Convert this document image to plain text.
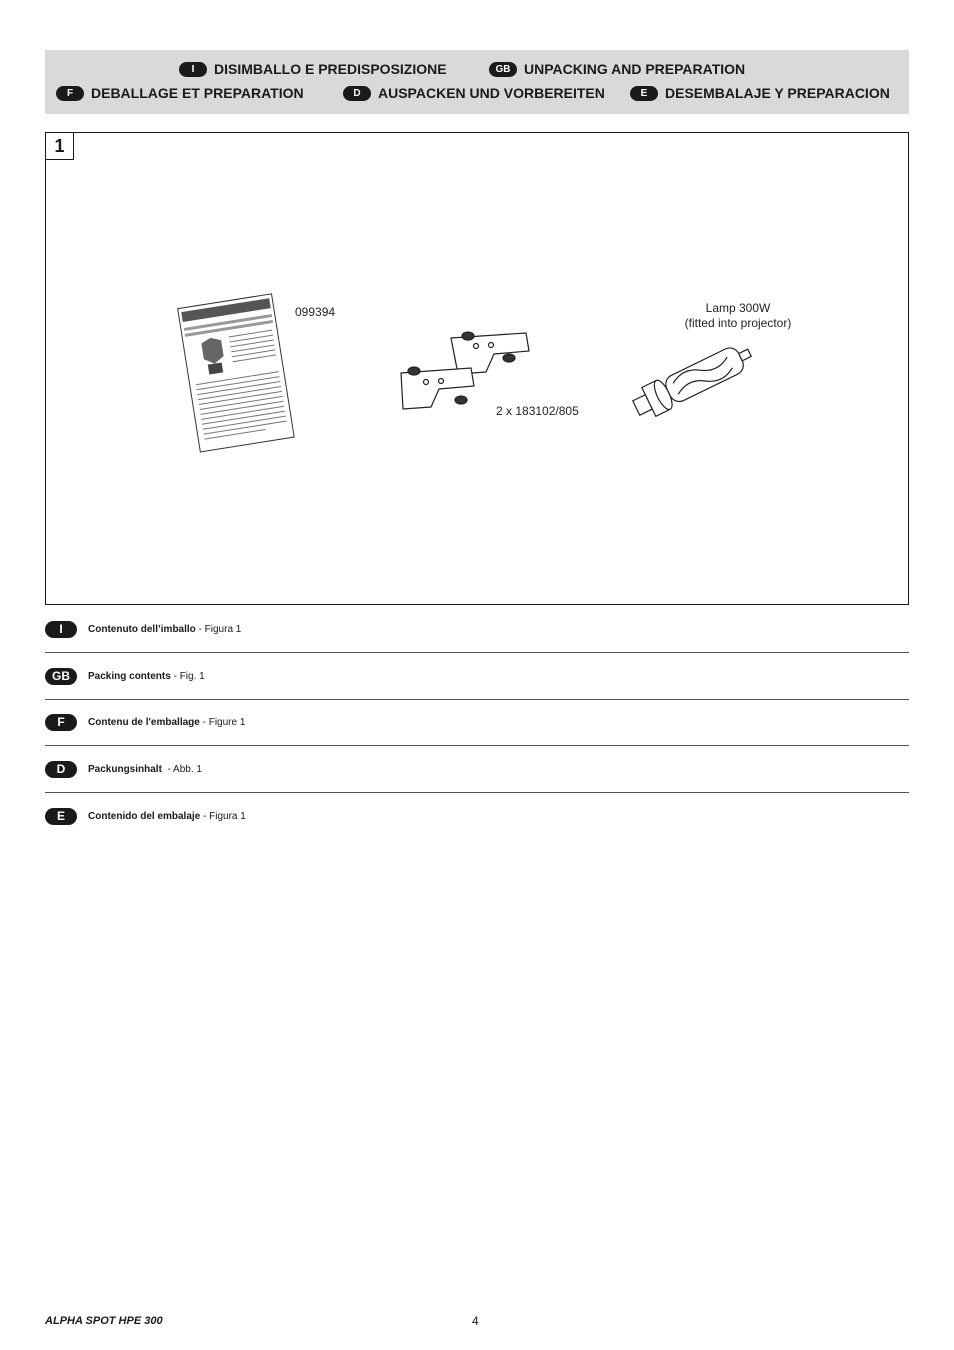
I	DISIMBALLO E PREDISPOSIZIONE	GB UNPACKING AND PREPARATION
F	DEBALLAGE ET PREPARATION	D	AUSPACKEN UND VORBEREITEN	E	DESEMBALAJE Y PREPARACION
1
099394
2 x 183102/805
Lamp 300W
(fitted into projector)
I	Contenuto dell’imballo - Figura 1
GB	Packing contents - Fig. 1
F	Contenu de l'emballage - Figure 1
D	Packungsinhalt  - Abb. 1
E	Contenido del embalaje - Figura 1
ALPHA SPOT HPE 300	4
